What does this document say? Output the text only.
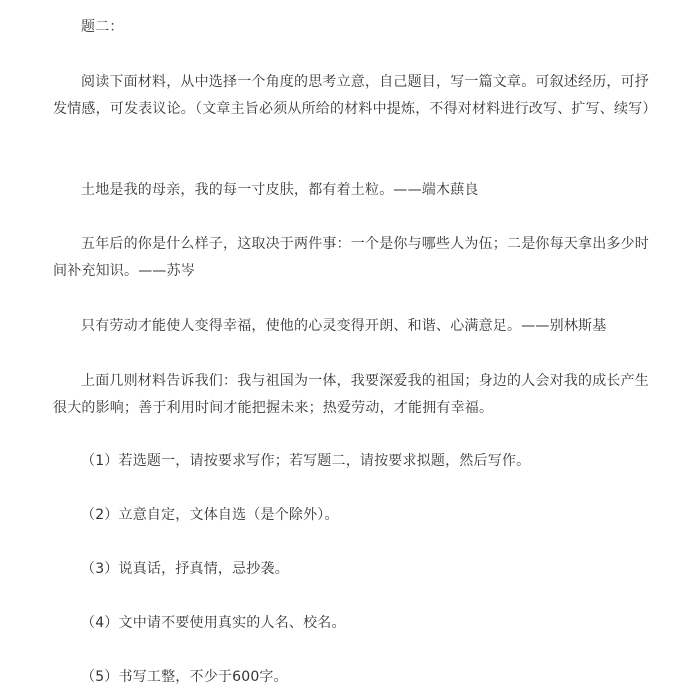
题二：

阅读下面材料，从中选择一个角度的思考立意，自己题目，写一篇文章。可叙述经历，可抒发情感，可发表议论。（文章主旨必须从所给的材料中提炼，不得对材料进行改写、扩写、续写）

土地是我的母亲，我的每一寸皮肤，都有着土粒。——端木蕻良

五年后的你是什么样子，这取决于两件事：一个是你与哪些人为伍；二是你每天拿出多少时间补充知识。——苏岑

只有劳动才能使人变得幸福，使他的心灵变得开朗、和谐、心满意足。——别林斯基

上面几则材料告诉我们：我与祖国为一体，我要深爱我的祖国；身边的人会对我的成长产生很大的影响；善于利用时间才能把握未来；热爱劳动，才能拥有幸福。

（1）若选题一，请按要求写作；若写题二，请按要求拟题，然后写作。

（2）立意自定，文体自选（是个除外）。

（3）说真话，抒真情，忌抄袭。

（4）文中请不要使用真实的人名、校名。

（5）书写工整，不少于600字。
